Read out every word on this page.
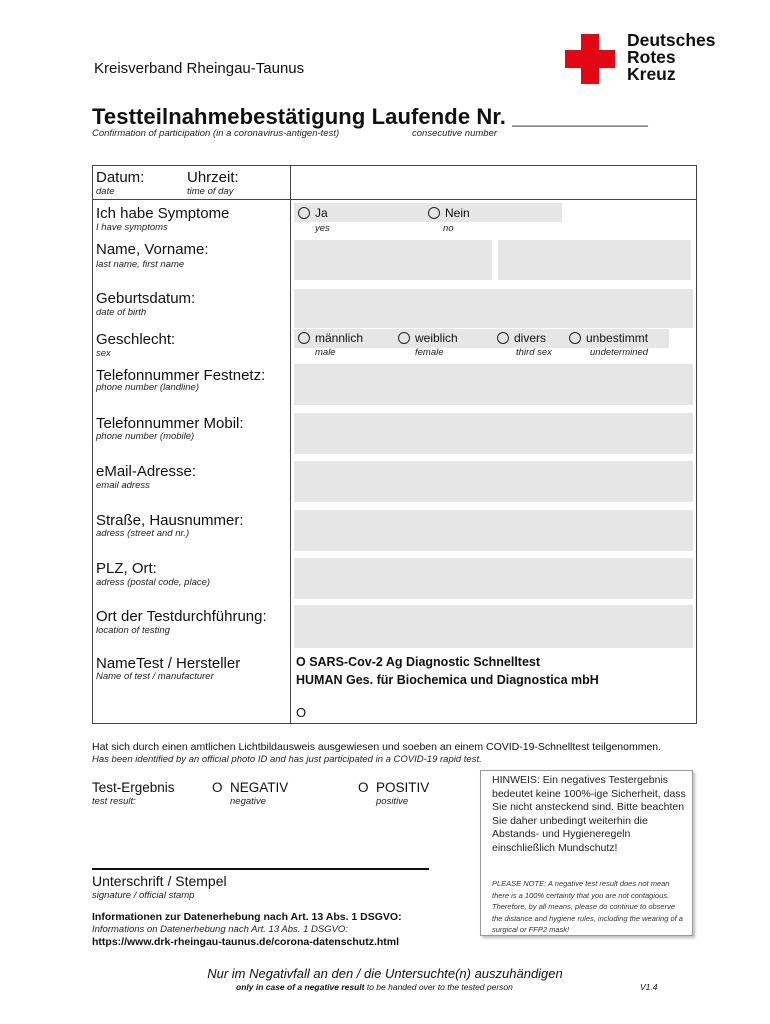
Kreisverband Rheingau-Taunus
Deutsches
Rotes
Kreuz
Testteilnahmebestätigung Laufende Nr. ___________
Confirmation of participation (in a coronavirus-antigen-test)	consecutive number
Datum:
date
Uhrzeit:
time of day
Ich habe Symptome
I have symptoms
Ja
yes
Nein
no
Name, Vorname:
last name, first name
Geburtsdatum:
date of birth
Geschlecht:
sex
männlich
male
weiblich
female
divers
third sex
unbestimmt
undetermined
Telefonnummer Festnetz:
phone number (landline)
Telefonnummer Mobil:
phone number (mobile)
eMail-Adresse:
email adress
Straße, Hausnummer:
adress (street and nr.)
PLZ, Ort:
adress (postal code, place)
Ort der Testdurchführung:
location of testing
NameTest / Hersteller
Name of test / manufacturer
O SARS-Cov-2 Ag Diagnostic Schnelltest
HUMAN Ges. für Biochemica und Diagnostica mbH
O
Hat sich durch einen amtlichen Lichtbildausweis ausgewiesen und soeben an einem COVID-19-Schnelltest teilgenommen.
Has been identified by an official photo ID and has just participated in a COVID-19 rapid test.
Test-Ergebnis
test result:
O  NEGATIV
negative
O  POSITIV
positive
HINWEIS: Ein negatives Testergebnis bedeutet keine 100%-ige Sicherheit, dass Sie nicht ansteckend sind. Bitte beachten Sie daher unbedingt weiterhin die Abstands- und Hygieneregeln einschließlich Mundschutz!
PLEASE NOTE: A negative test result does not mean there is a 100% certainty that you are not contagious. Therefore, by all means, please do continue to observe the distance and hygiene rules, including the wearing of a surgical or FFP2 mask!
Unterschrift / Stempel
signature / official stamp
Informationen zur Datenerhebung nach Art. 13 Abs. 1 DSGVO:
Informations on Datenerhebung nach Art. 13 Abs. 1 DSGVO:
https://www.drk-rheingau-taunus.de/corona-datenschutz.html
Nur im Negativfall an den / die Untersuchte(n) auszuhändigen
only in case of a negative result to be handed over to the tested person	V1.4
